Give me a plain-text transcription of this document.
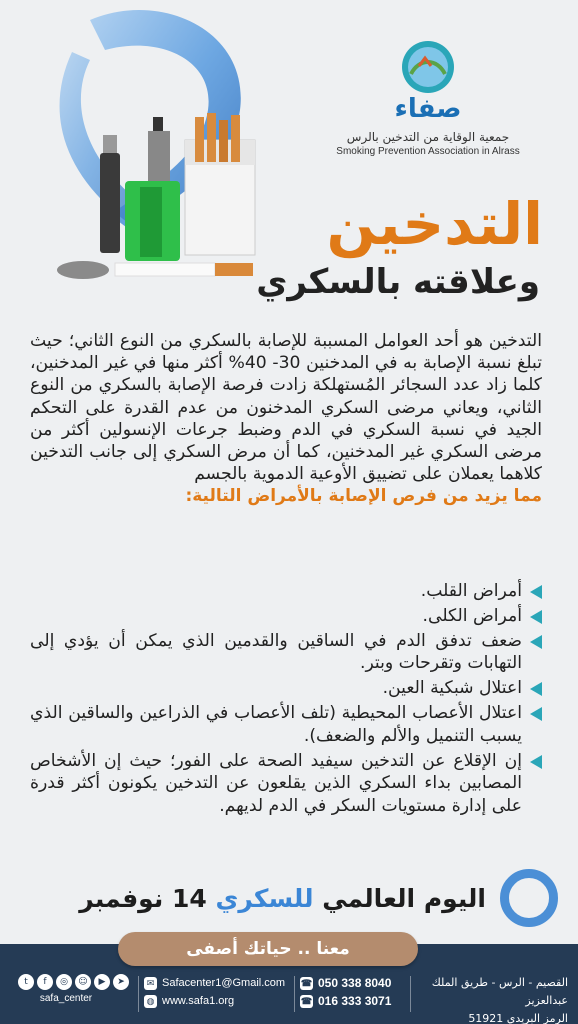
صفاء
جمعية الوقاية من التدخين بالرس
Smoking Prevention Association in Alrass
التدخين
وعلاقته بالسكري
التدخين هو أحد العوامل المسببة للإصابة بالسكري من النوع الثاني؛ حيث تبلغ نسبة الإصابة به في المدخنين 30- 40% أكثر منها في غير المدخنين، كلما زاد عدد السجائر المُستهلكة زادت فرصة الإصابة بالسكري من النوع الثاني، ويعاني مرضى السكري المدخنون من عدم القدرة على التحكم الجيد في نسبة السكري في الدم وضبط جرعات الإنسولين أكثر من مرضى السكري غير المدخنين، كما أن مرض السكري إلى جانب التدخين كلاهما يعملان على تضييق الأوعية الدموية بالجسم
مما يزيد من فرص الإصابة بالأمراض التالية:
أمراض القلب.
أمراض الكلى.
ضعف تدفق الدم في الساقين والقدمين الذي يمكن أن يؤدي إلى التهابات وتقرحات وبتر.
اعتلال شبكية العين.
اعتلال الأعصاب المحيطية (تلف الأعصاب في الذراعين والساقين الذي يسبب التنميل والألم والضعف).
إن الإقلاع عن التدخين سيفيد الصحة على الفور؛ حيث إن الأشخاص المصابين بداء السكري الذين يقلعون عن التدخين يكونون أكثر قدرة على إدارة مستويات السكر في الدم لديهم.
اليوم العالمي للسكري 14 نوفمبر
القصيم - الرس - طريق الملك عبدالعزيز
الرمز البريدي 51921
☎ 050 338 8040
☎ 016 333 3071
✉ Safacenter1@Gmail.com
◍ www.safa1.org
t	f	◎	☺	▶	➤
safa_center
معنا .. حياتك أصفى
